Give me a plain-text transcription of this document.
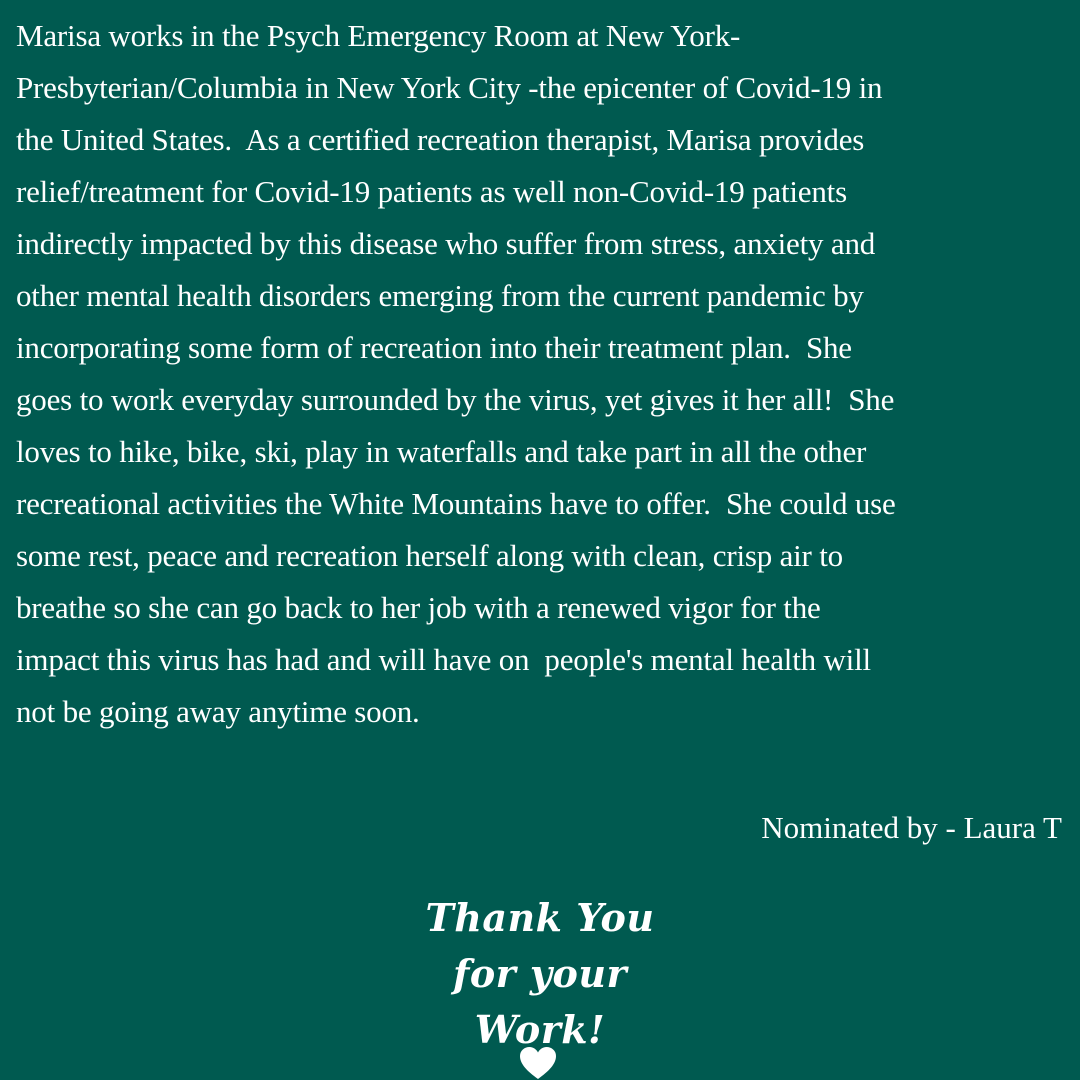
Marisa works in the Psych Emergency Room at New York-
Presbyterian/Columbia in New York City -the epicenter of Covid-19 in
the United States.  As a certified recreation therapist, Marisa provides
relief/treatment for Covid-19 patients as well non-Covid-19 patients
indirectly impacted by this disease who suffer from stress, anxiety and
other mental health disorders emerging from the current pandemic by
incorporating some form of recreation into their treatment plan.  She
goes to work everyday surrounded by the virus, yet gives it her all!  She
loves to hike, bike, ski, play in waterfalls and take part in all the other
recreational activities the White Mountains have to offer.  She could use
some rest, peace and recreation herself along with clean, crisp air to
breathe so she can go back to her job with a renewed vigor for the
impact this virus has had and will have on  people's mental health will
not be going away anytime soon.
Nominated by - Laura T
Thank You
for your
Work!
